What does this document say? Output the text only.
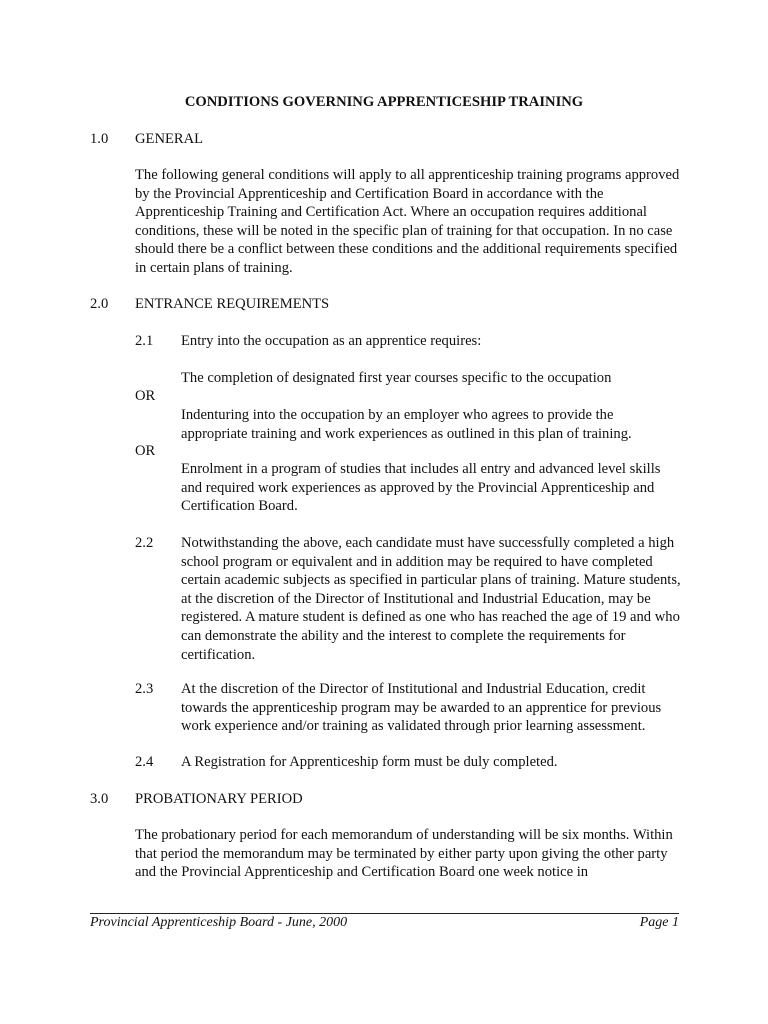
CONDITIONS GOVERNING APPRENTICESHIP TRAINING
1.0 GENERAL

The following general conditions will apply to all apprenticeship training programs approved by the Provincial Apprenticeship and Certification Board in accordance with the Apprenticeship Training and Certification Act. Where an occupation requires additional conditions, these will be noted in the specific plan of training for that occupation. In no case should there be a conflict between these conditions and the additional requirements specified in certain plans of training.

2.0 ENTRANCE REQUIREMENTS
2.1 Entry into the occupation as an apprentice requires:
The completion of designated first year courses specific to the occupation
OR
Indenturing into the occupation by an employer who agrees to provide the appropriate training and work experiences as outlined in this plan of training.
OR
Enrolment in a program of studies that includes all entry and advanced level skills and required work experiences as approved by the Provincial Apprenticeship and Certification Board.
2.2 Notwithstanding the above, each candidate must have successfully completed a high school program or equivalent and in addition may be required to have completed certain academic subjects as specified in particular plans of training. Mature students, at the discretion of the Director of Institutional and Industrial Education, may be registered. A mature student is defined as one who has reached the age of 19 and who can demonstrate the ability and the interest to complete the requirements for certification.
2.3 At the discretion of the Director of Institutional and Industrial Education, credit towards the apprenticeship program may be awarded to an apprentice for previous work experience and/or training as validated through prior learning assessment.
2.4 A Registration for Apprenticeship form must be duly completed.
3.0 PROBATIONARY PERIOD

The probationary period for each memorandum of understanding will be six months. Within that period the memorandum may be terminated by either party upon giving the other party and the Provincial Apprenticeship and Certification Board one week notice in

Provincial Apprenticeship Board - June, 2000	Page 1
